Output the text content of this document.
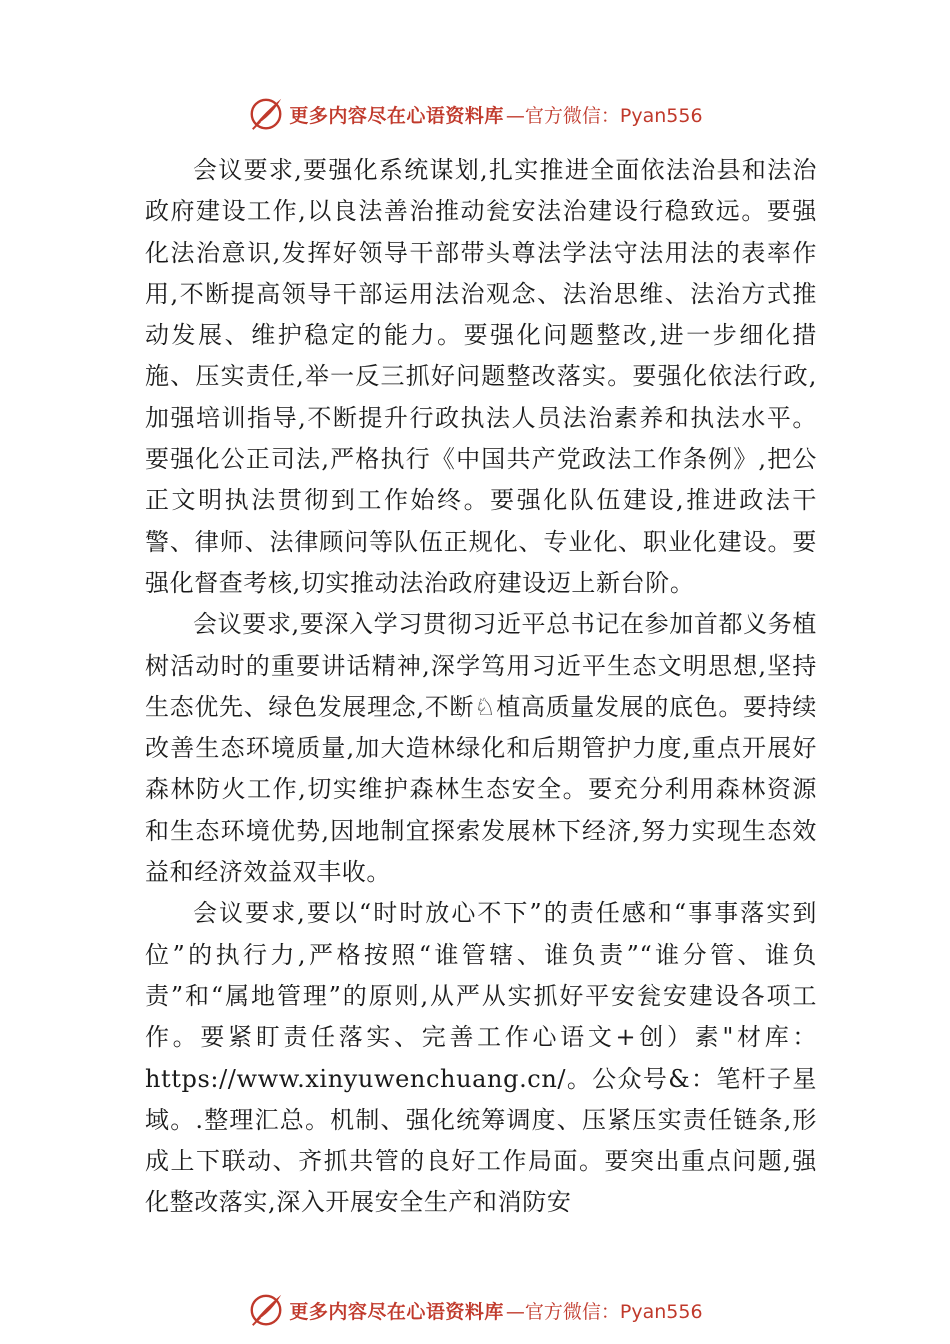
更多内容尽在心语资料库 —官方微信：Pyan556

会议要求,要强化系统谋划,扎实推进全面依法治县和法治政府建设工作,以良法善治推动瓮安法治建设行稳致远。要强化法治意识,发挥好领导干部带头尊法学法守法用法的表率作用,不断提高领导干部运用法治观念、法治思维、法治方式推动发展、维护稳定的能力。要强化问题整改,进一步细化措施、压实责任,举一反三抓好问题整改落实。要强化依法行政,加强培训指导,不断提升行政执法人员法治素养和执法水平。要强化公正司法,严格执行《中国共产党政法工作条例》,把公正文明执法贯彻到工作始终。要强化队伍建设,推进政法干警、律师、法律顾问等队伍正规化、专业化、职业化建设。要强化督查考核,切实推动法治政府建设迈上新台阶。

会议要求,要深入学习贯彻习近平总书记在参加首都义务植树活动时的重要讲话精神,深学笃用习近平生态文明思想,坚持生态优先、绿色发展理念,不断♘植高质量发展的底色。要持续改善生态环境质量,加大造林绿化和后期管护力度,重点开展好森林防火工作,切实维护森林生态安全。要充分利用森林资源和生态环境优势,因地制宜探索发展林下经济,努力实现生态效益和经济效益双丰收。

会议要求,要以“时时放心不下”的责任感和“事事落实到位”的执行力,严格按照“谁管辖、谁负责”“谁分管、谁负责”和“属地管理”的原则,从严从实抓好平安瓮安建设各项工作。要紧盯责任落实、完善工作心语文+创）素"材库：https://www.xinyuwenchuang.cn/。公众号&：笔杆子星域。.整理汇总。机制、强化统筹调度、压紧压实责任链条,形成上下联动、齐抓共管的良好工作局面。要突出重点问题,强化整改落实,深入开展安全生产和消防安

更多内容尽在心语资料库 —官方微信：Pyan556
